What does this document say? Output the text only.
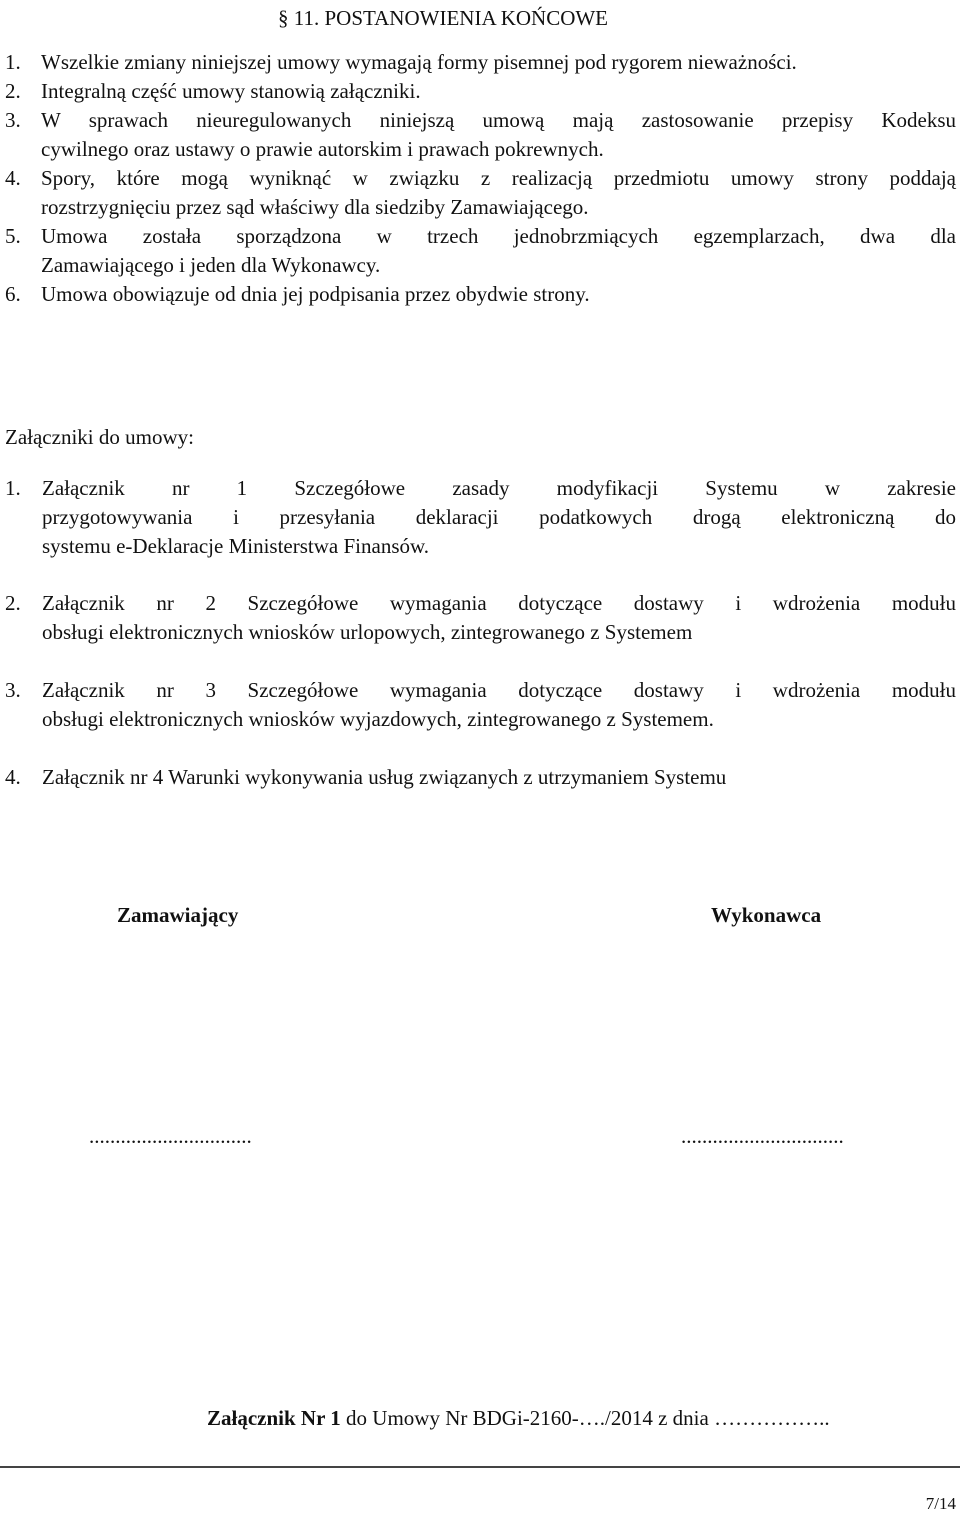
§ 11. POSTANOWIENIA KOŃCOWE
1. Wszelkie zmiany niniejszej umowy wymagają formy pisemnej pod rygorem nieważności.
2. Integralną część umowy stanowią załączniki.
3. W sprawach nieuregulowanych niniejszą umową mają zastosowanie przepisy Kodeksu
cywilnego oraz ustawy o prawie autorskim i prawach pokrewnych.
4. Spory, które mogą wyniknąć w związku z realizacją przedmiotu umowy strony poddają
rozstrzygnięciu przez sąd właściwy dla siedziby Zamawiającego.
5. Umowa została sporządzona w trzech jednobrzmiących egzemplarzach, dwa dla
Zamawiającego i jeden dla Wykonawcy.
6. Umowa obowiązuje od dnia jej podpisania przez obydwie strony.
Załączniki do umowy:
1. Załącznik nr 1 Szczegółowe zasady modyfikacji Systemu w zakresie
przygotowywania i przesyłania deklaracji podatkowych drogą elektroniczną do
systemu e-Deklaracje Ministerstwa Finansów.
2. Załącznik nr 2 Szczegółowe wymagania dotyczące dostawy i wdrożenia modułu
obsługi elektronicznych wniosków urlopowych, zintegrowanego z Systemem
3. Załącznik nr 3 Szczegółowe wymagania dotyczące dostawy i wdrożenia modułu
obsługi elektronicznych wniosków wyjazdowych, zintegrowanego z Systemem.
4. Załącznik nr 4 Warunki wykonywania usług związanych z utrzymaniem Systemu
Zamawiający	Wykonawca
...............................	...............................
Załącznik Nr 1 do Umowy Nr BDGi-2160-…./2014 z dnia ……………..
7/14
